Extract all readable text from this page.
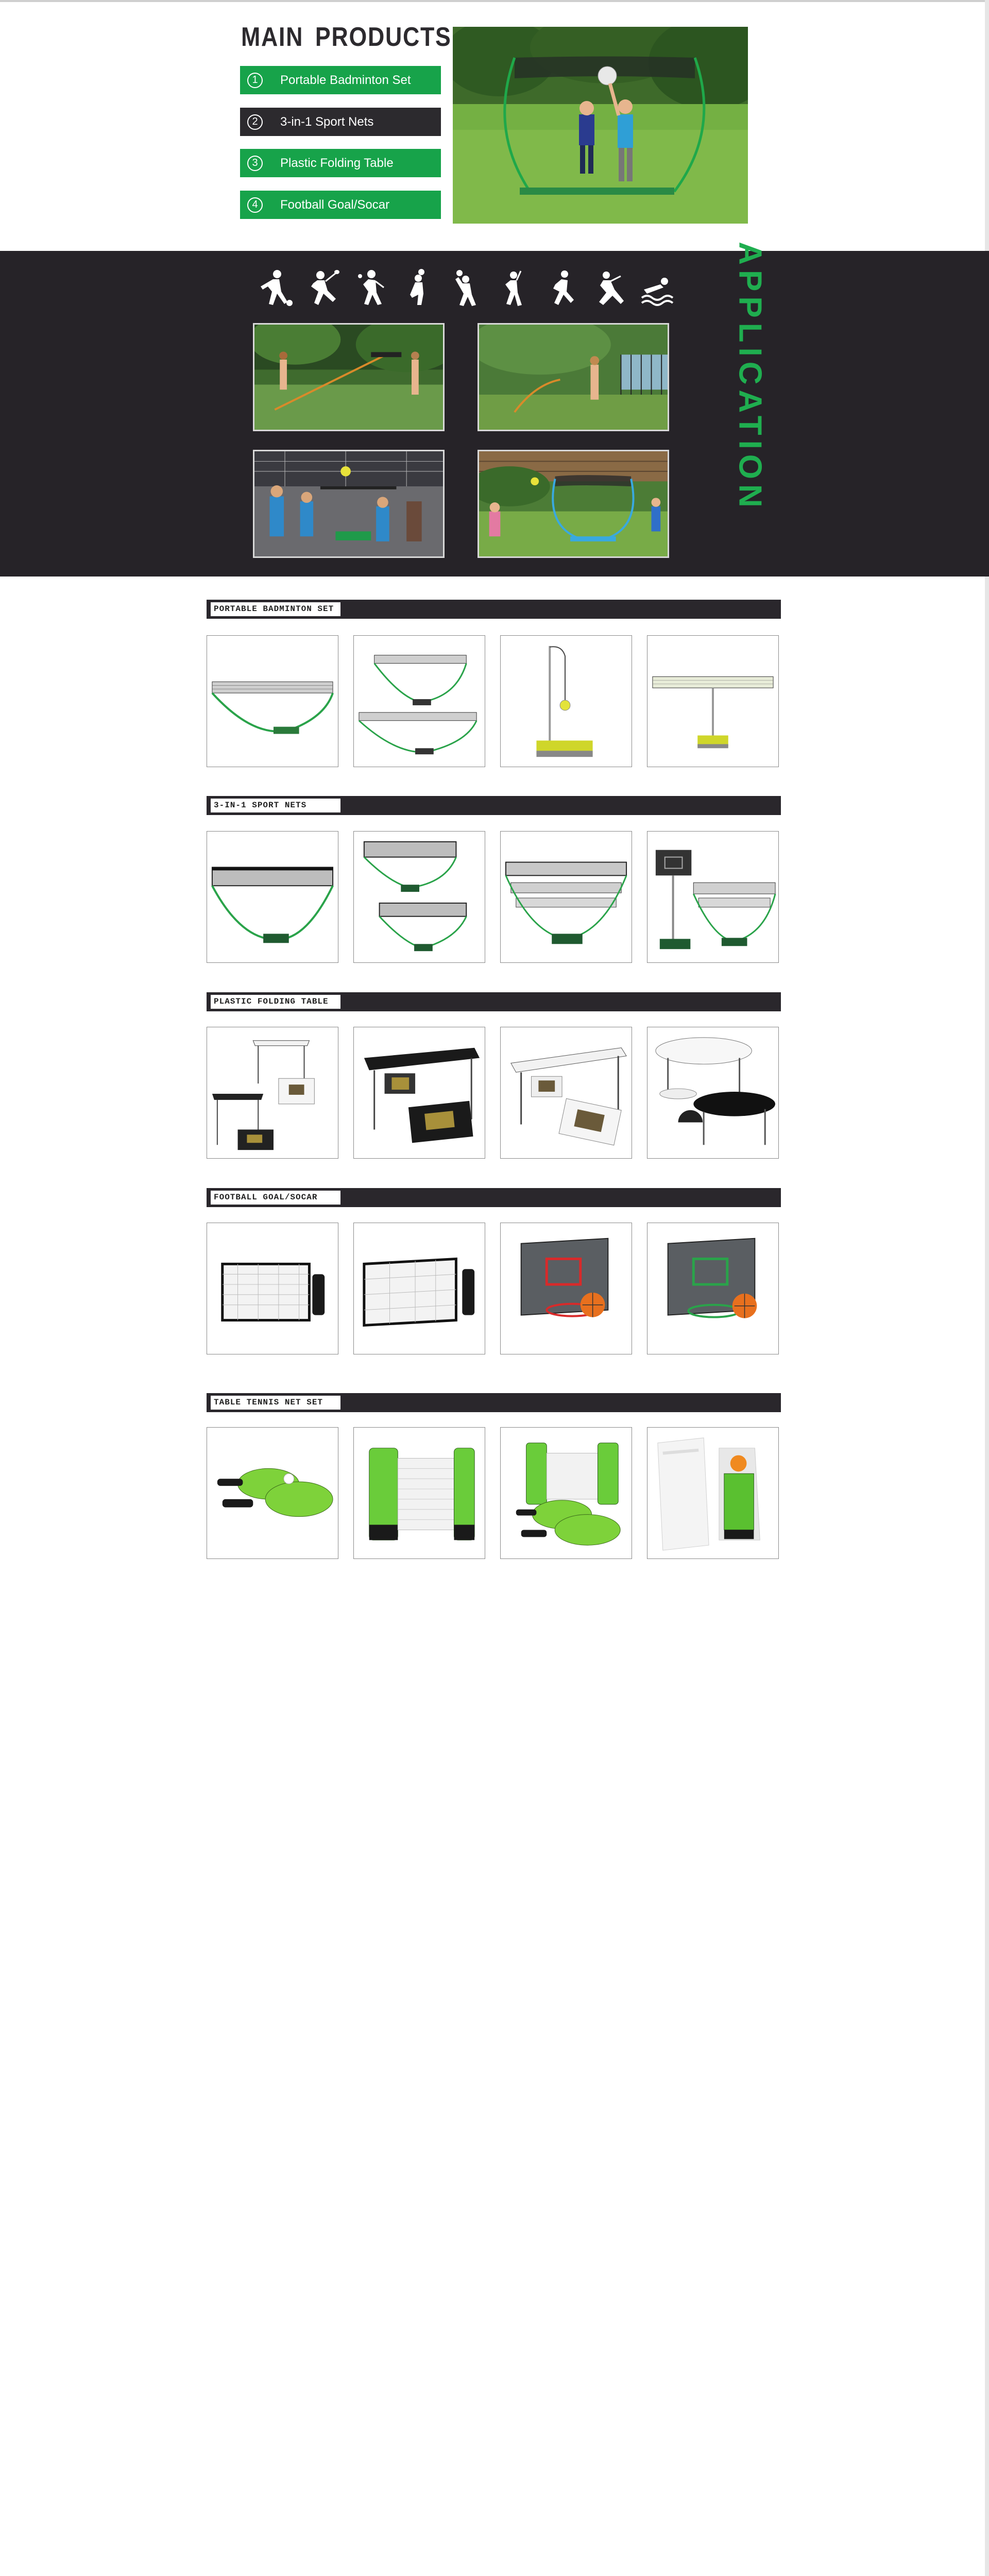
MAIN PRODUCTS
1	Portable Badminton Set
2	3-in-1 Sport Nets
3	Plastic Folding Table
4	Football Goal/Socar
APPLICATION
PORTABLE BADMINTON SET
3-IN-1 SPORT NETS
PLASTIC FOLDING TABLE
FOOTBALL GOAL/SOCAR
TABLE TENNIS NET SET
